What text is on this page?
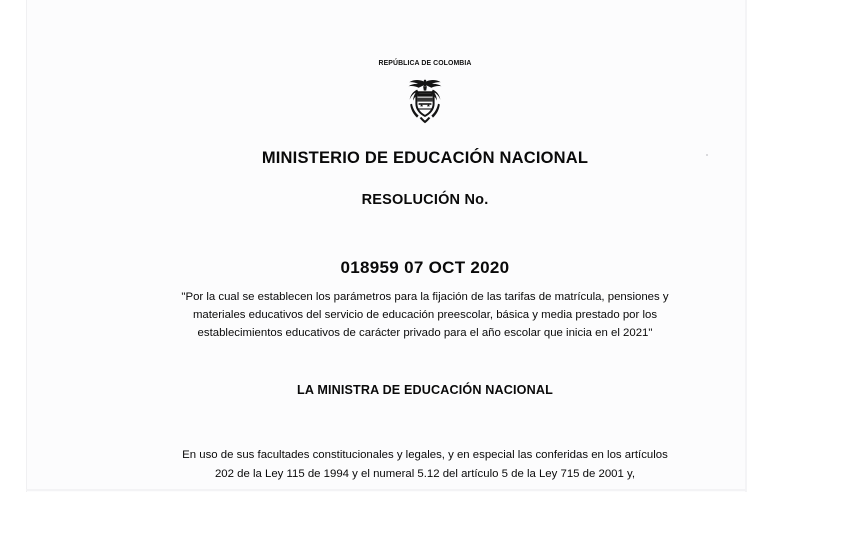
REPÚBLICA DE COLOMBIA
MINISTERIO DE EDUCACIÓN NACIONAL
RESOLUCIÓN No.
018959 07 OCT 2020
"Por la cual se establecen los parámetros para la fijación de las tarifas de matrícula, pensiones y
materiales educativos del servicio de educación preescolar, básica y media prestado por los
establecimientos educativos de carácter privado para el año escolar que inicia en el 2021"
LA MINISTRA DE EDUCACIÓN NACIONAL
En uso de sus facultades constitucionales y legales, y en especial las conferidas en los artículos
202 de la Ley 115 de 1994 y el numeral 5.12 del artículo 5 de la Ley 715 de 2001 y,
